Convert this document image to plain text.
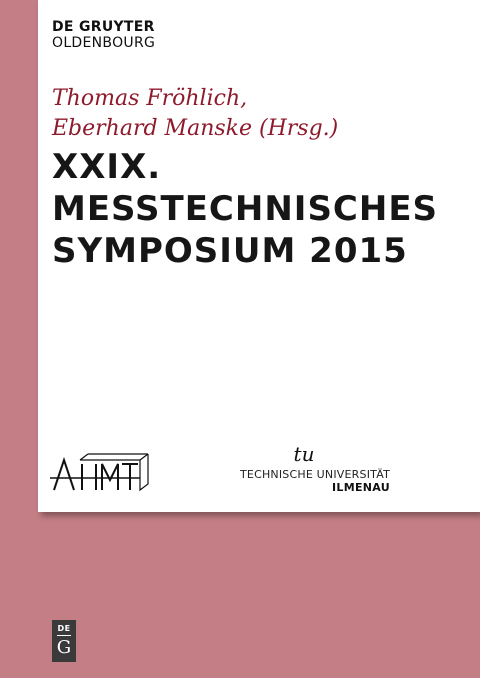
DE GRUYTER
OLDENBOURG
Thomas Fröhlich,
Eberhard Manske (Hrsg.)
XXIX.
MESSTECHNISCHES
SYMPOSIUM 2015
tu
TECHNISCHE UNIVERSITÄT
ILMENAU
DE
G
